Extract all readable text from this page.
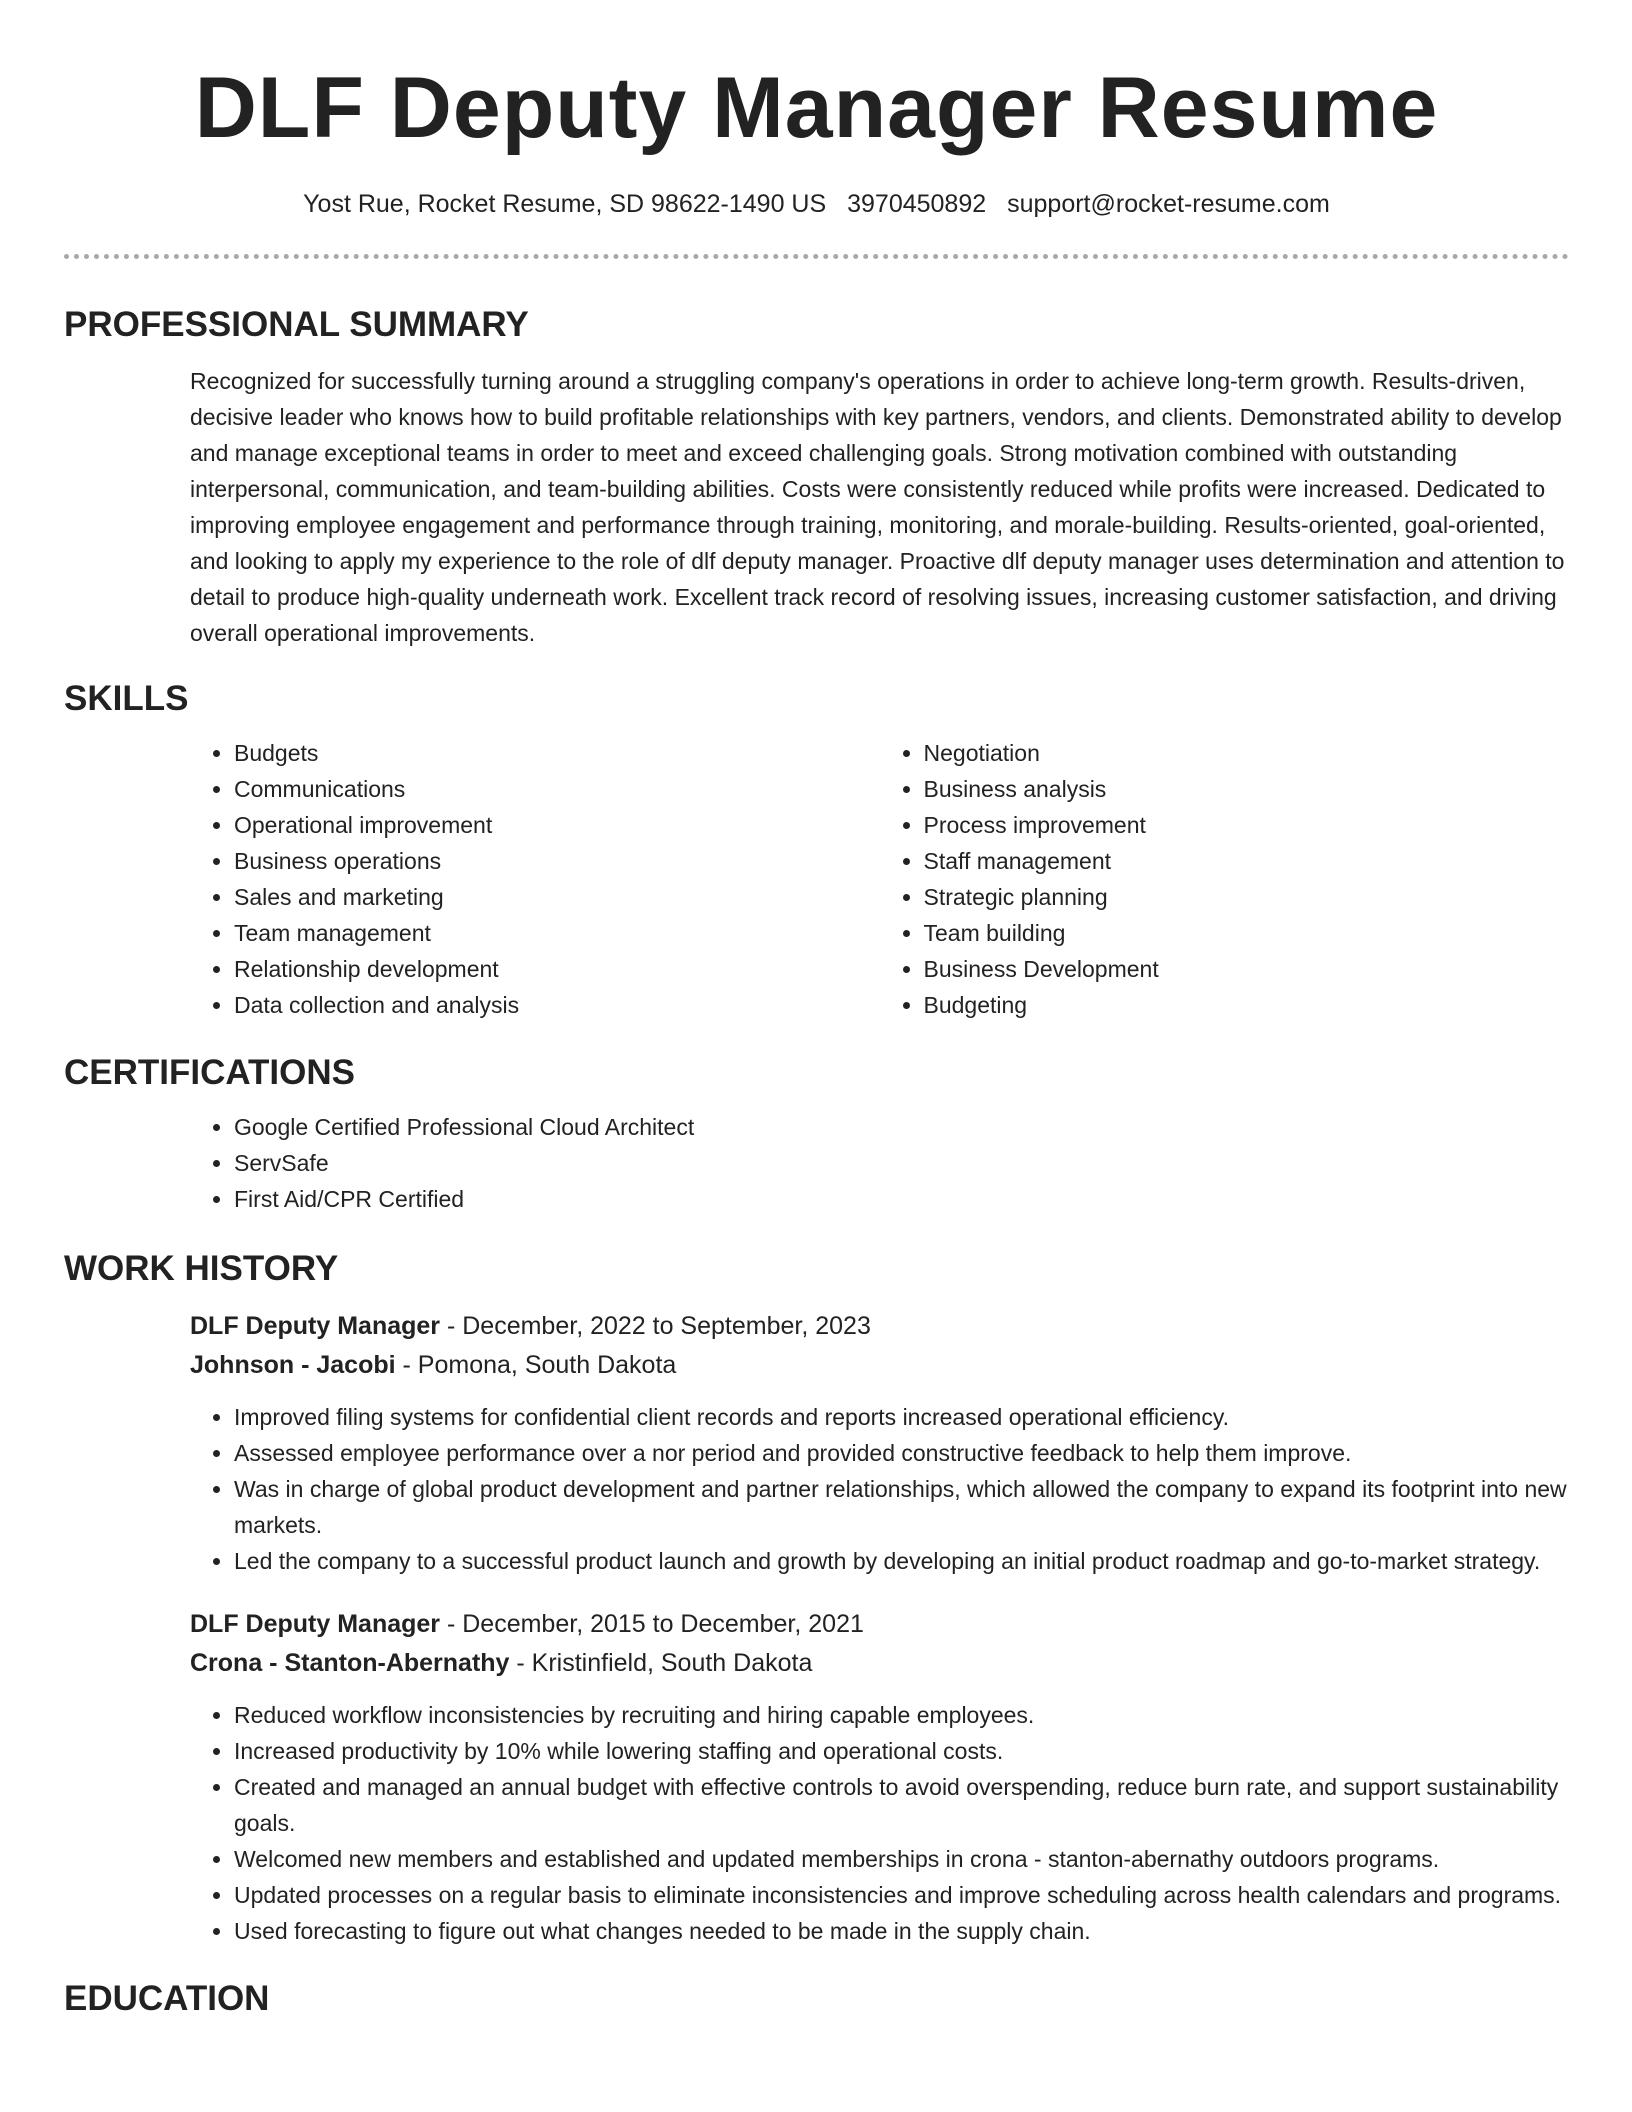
DLF Deputy Manager Resume
Yost Rue, Rocket Resume, SD 98622-1490 US 3970450892 support@rocket-resume.com
PROFESSIONAL SUMMARY
Recognized for successfully turning around a struggling company's operations in order to achieve long-term growth. Results-driven, decisive leader who knows how to build profitable relationships with key partners, vendors, and clients. Demonstrated ability to develop and manage exceptional teams in order to meet and exceed challenging goals. Strong motivation combined with outstanding interpersonal, communication, and team-building abilities. Costs were consistently reduced while profits were increased. Dedicated to improving employee engagement and performance through training, monitoring, and morale-building. Results-oriented, goal-oriented, and looking to apply my experience to the role of dlf deputy manager. Proactive dlf deputy manager uses determination and attention to detail to produce high-quality underneath work. Excellent track record of resolving issues, increasing customer satisfaction, and driving overall operational improvements.
SKILLS
• Budgets
• Communications
• Operational improvement
• Business operations
• Sales and marketing
• Team management
• Relationship development
• Data collection and analysis
• Negotiation
• Business analysis
• Process improvement
• Staff management
• Strategic planning
• Team building
• Business Development
• Budgeting
CERTIFICATIONS
• Google Certified Professional Cloud Architect
• ServSafe
• First Aid/CPR Certified
WORK HISTORY
DLF Deputy Manager - December, 2022 to September, 2023
Johnson - Jacobi - Pomona, South Dakota
• Improved filing systems for confidential client records and reports increased operational efficiency.
• Assessed employee performance over a nor period and provided constructive feedback to help them improve.
• Was in charge of global product development and partner relationships, which allowed the company to expand its footprint into new markets.
• Led the company to a successful product launch and growth by developing an initial product roadmap and go-to-market strategy.
DLF Deputy Manager - December, 2015 to December, 2021
Crona - Stanton-Abernathy - Kristinfield, South Dakota
• Reduced workflow inconsistencies by recruiting and hiring capable employees.
• Increased productivity by 10% while lowering staffing and operational costs.
• Created and managed an annual budget with effective controls to avoid overspending, reduce burn rate, and support sustainability goals.
• Welcomed new members and established and updated memberships in crona - stanton-abernathy outdoors programs.
• Updated processes on a regular basis to eliminate inconsistencies and improve scheduling across health calendars and programs.
• Used forecasting to figure out what changes needed to be made in the supply chain.
EDUCATION
